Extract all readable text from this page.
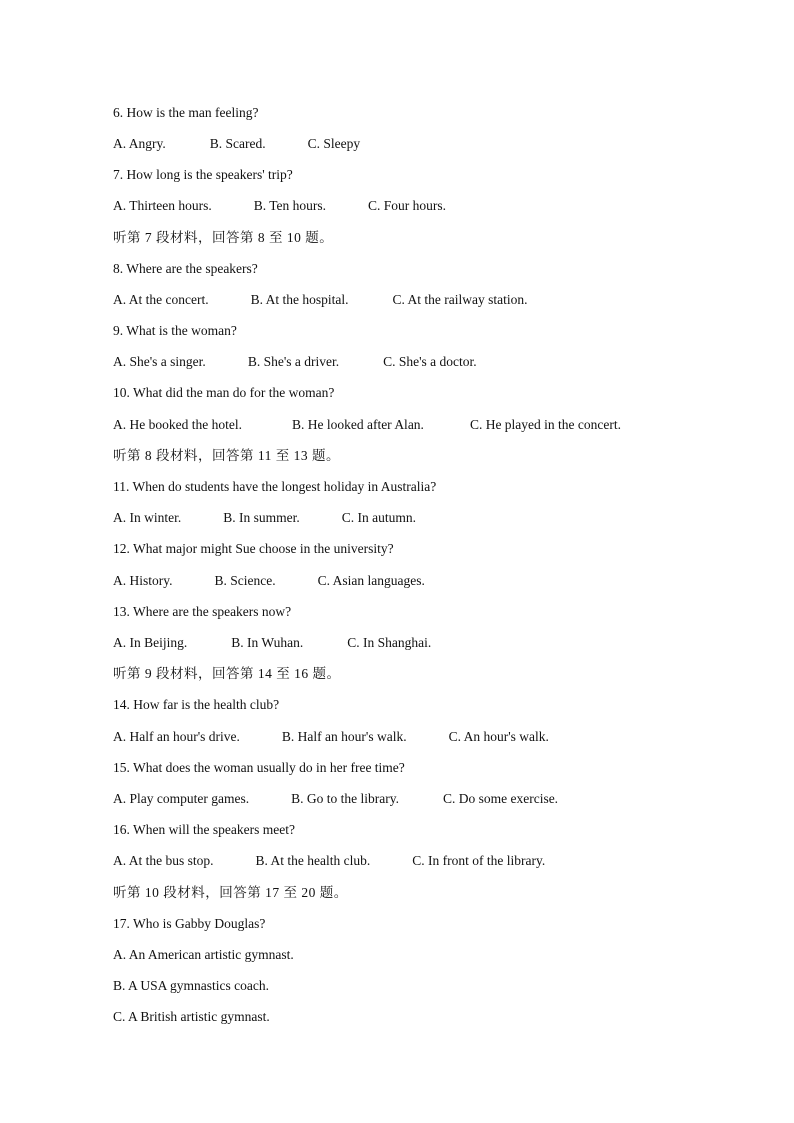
6. How is the man feeling?
A. Angry.	B. Scared.	C. Sleepy
7. How long is the speakers' trip?
A. Thirteen hours.	B. Ten hours.	C. Four hours.
听第 7 段材料，回答第 8 至 10 题。
8. Where are the speakers?
A. At the concert.	B. At the hospital.	C. At the railway station.
9. What is the woman?
A. She's a singer.	B. She's a driver.	C. She's a doctor.
10. What did the man do for the woman?
A. He booked the hotel.	B. He looked after Alan.	C. He played in the concert.
听第 8 段材料，回答第 11 至 13 题。
11. When do students have the longest holiday in Australia?
A. In winter.	B. In summer.	C. In autumn.
12. What major might Sue choose in the university?
A. History.	B. Science.	C. Asian languages.
13. Where are the speakers now?
A. In Beijing.	B. In Wuhan.	C. In Shanghai.
听第 9 段材料，回答第 14 至 16 题。
14. How far is the health club?
A. Half an hour's drive.	B. Half an hour's walk.	C. An hour's walk.
15. What does the woman usually do in her free time?
A. Play computer games.	B. Go to the library.	C. Do some exercise.
16. When will the speakers meet?
A. At the bus stop.	B. At the health club.	C. In front of the library.
听第 10 段材料，回答第 17 至 20 题。
17. Who is Gabby Douglas?
A. An American artistic gymnast.
B. A USA gymnastics coach.
C. A British artistic gymnast.
